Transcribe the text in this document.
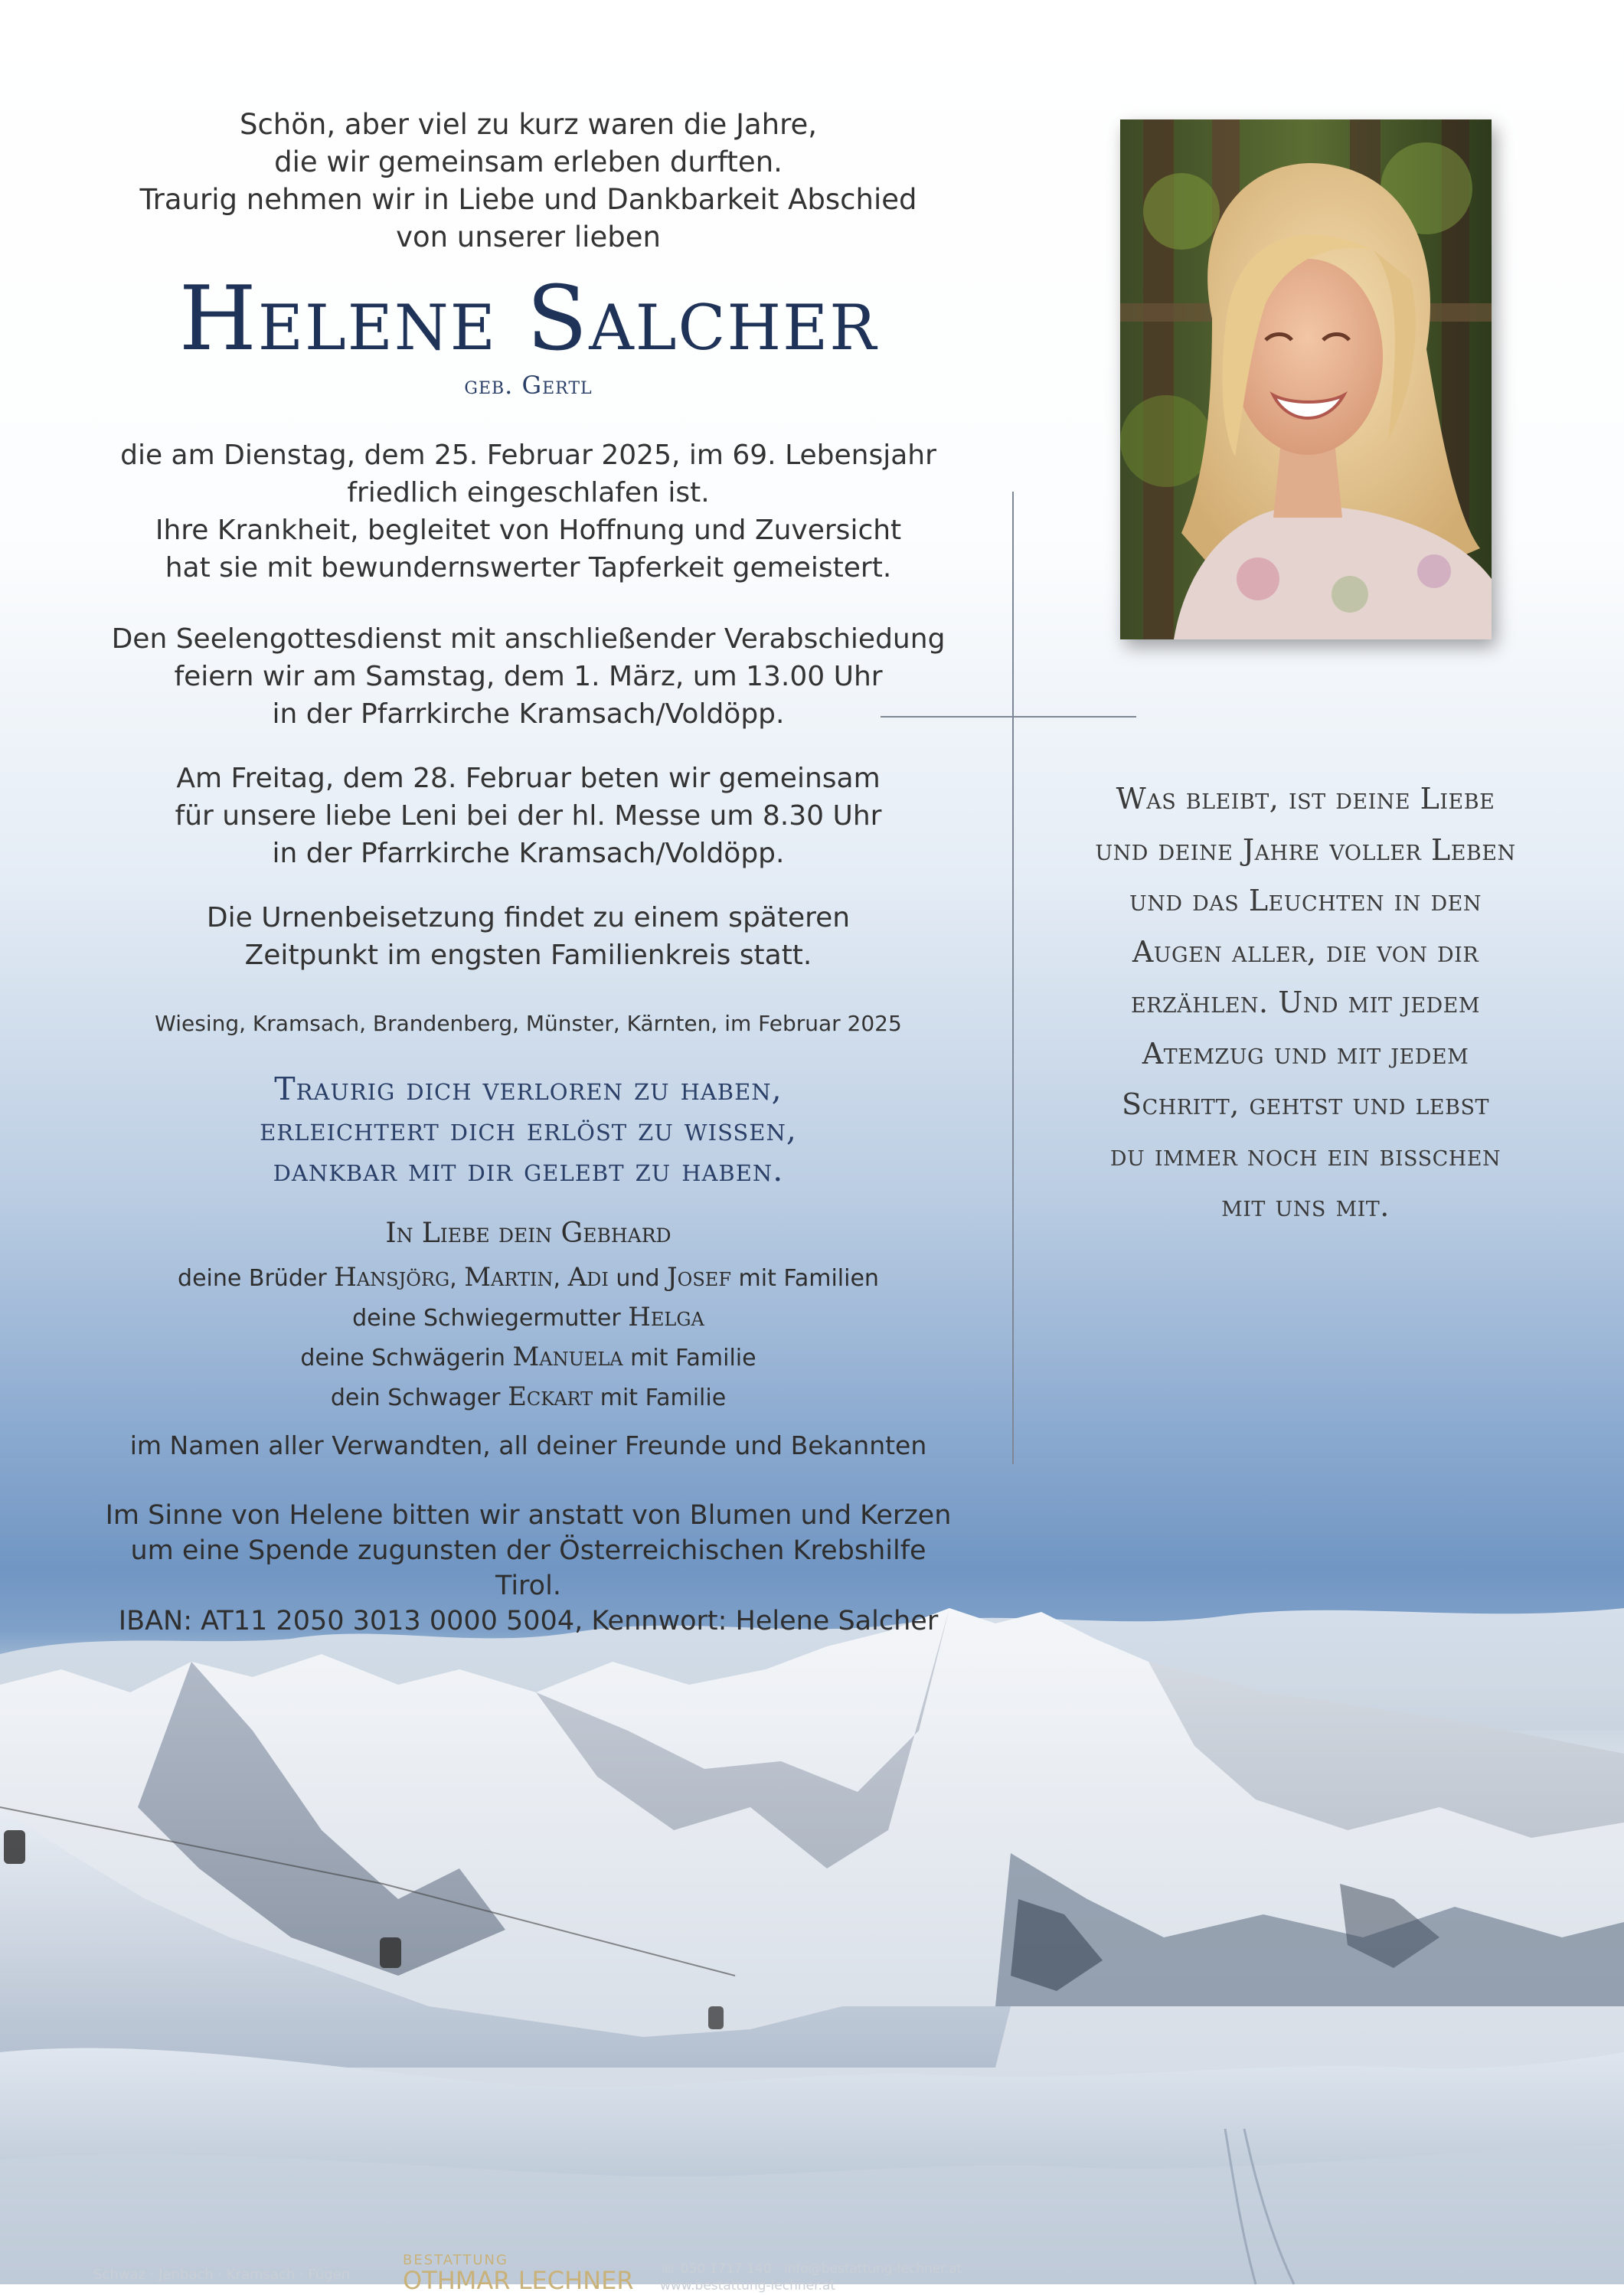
Schön, aber viel zu kurz waren die Jahre,
die wir gemeinsam erleben durften.
Traurig nehmen wir in Liebe und Dankbarkeit Abschied
von unserer lieben
Helene Salcher
geb. Gertl
die am Dienstag, dem 25. Februar 2025, im 69. Lebensjahr
friedlich eingeschlafen ist.
Ihre Krankheit, begleitet von Hoffnung und Zuversicht
hat sie mit bewundernswerter Tapferkeit gemeistert.
Den Seelengottesdienst mit anschließender Verabschiedung
feiern wir am Samstag, dem 1. März, um 13.00 Uhr
in der Pfarrkirche Kramsach/Voldöpp.
Am Freitag, dem 28. Februar beten wir gemeinsam
für unsere liebe Leni bei der hl. Messe um 8.30 Uhr
in der Pfarrkirche Kramsach/Voldöpp.
Die Urnenbeisetzung findet zu einem späteren
Zeitpunkt im engsten Familienkreis statt.
Wiesing, Kramsach, Brandenberg, Münster, Kärnten, im Februar 2025
Traurig dich verloren zu haben,
erleichtert dich erlöst zu wissen,
dankbar mit dir gelebt zu haben.
In Liebe dein Gebhard
deine Brüder Hansjörg, Martin, Adi und Josef mit Familien
deine Schwiegermutter Helga
deine Schwägerin Manuela mit Familie
dein Schwager Eckart mit Familie
im Namen aller Verwandten, all deiner Freunde und Bekannten
Im Sinne von Helene bitten wir anstatt von Blumen und Kerzen
um eine Spende zugunsten der Österreichischen Krebshilfe Tirol.
IBAN: AT11 2050 3013 0000 5004, Kennwort: Helene Salcher
Was bleibt, ist deine Liebe
und deine Jahre voller Leben
und das Leuchten in den
Augen aller, die von dir
erzählen. Und mit jedem
Atemzug und mit jedem
Schritt, gehtst und lebst
du immer noch ein bisschen
mit uns mit.
Schwaz · Jenbach · Kramsach · Fügen
BESTATTUNG
OTHMAR LECHNER ☏ 050 1717 140 · info@bestattung-lechner.at
www.bestattung-lechner.at
